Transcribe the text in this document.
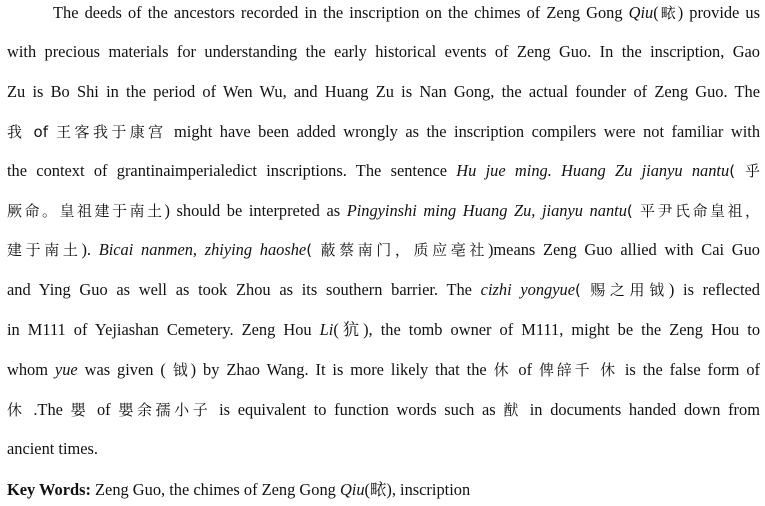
The deeds of the ancestors recorded in the inscription on the chimes of Zeng Gong Qiu(畩) provide us
with precious materials for understanding the early historical events of Zeng Guo. In the inscription, Gao
Zu is Bo Shi in the period of Wen Wu, and Huang Zu is Nan Gong, the actual founder of Zeng Guo. The
我 of 王客我于康宫 might have been added wrongly as the inscription compilers were not familiar with
the context of grantinaimperialedict inscriptions. The sentence Hu jue ming. Huang Zu jianyu nantu( 乎
厥命。皇祖建于南土) should be interpreted as Pingyinshi ming Huang Zu, jianyu nantu( 平尹氏命皇祖，
建于南土). Bicai nanmen, zhiying haoshe( 蔽蔡南门，质应亳社)means Zeng Guo allied with Cai Guo
and Ying Guo as well as took Zhou as its southern barrier. The cizhi yongyue( 赐之用钺) is reflected
in M111 of Yejiashan Cemetery. Zeng Hou Li(犺), the tomb owner of M111, might be the Zeng Hou to
whom yue was given ( 钺) by Zhao Wang. It is more likely that the 休 of 俾辝千 休 is the false form of
休 .The 嬰 of 嬰余孺小子 is equivalent to function words such as 猷 in documents handed down from
ancient times.
Key Words: Zeng Guo, the chimes of Zeng Gong Qiu(畩), inscription
